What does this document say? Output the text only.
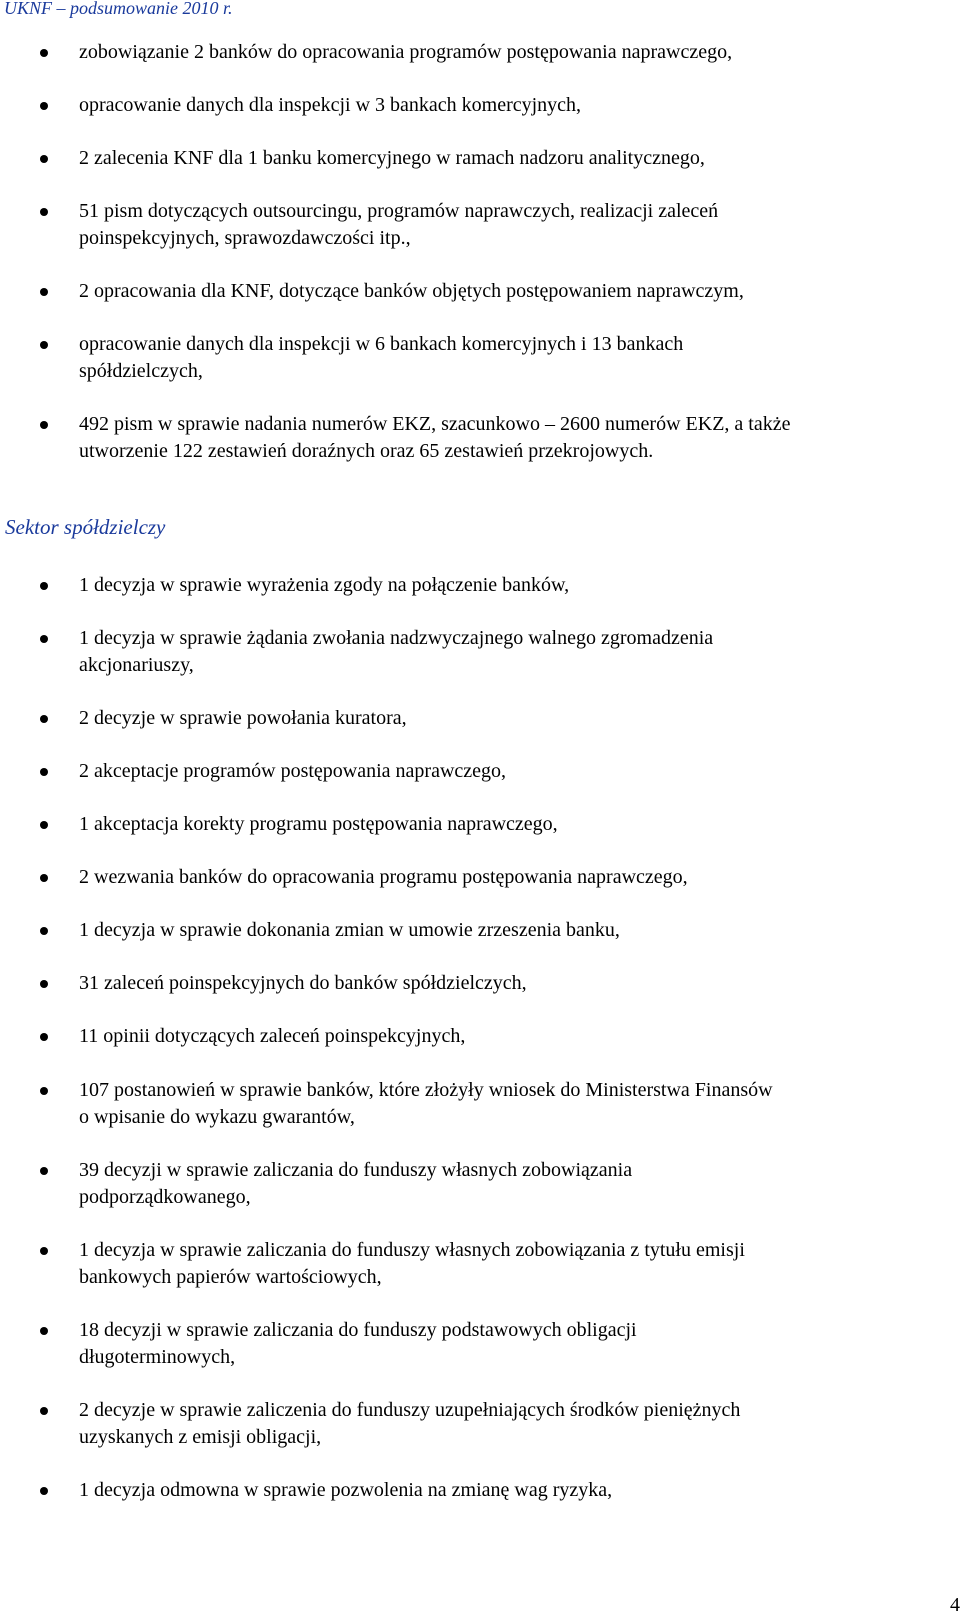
UKNF – podsumowanie 2010 r.
zobowiązanie 2 banków do opracowania programów postępowania naprawczego,
opracowanie danych dla inspekcji w 3 bankach komercyjnych,
2 zalecenia KNF dla 1 banku komercyjnego w ramach nadzoru analitycznego,
51 pism dotyczących outsourcingu, programów naprawczych, realizacji zaleceń
poinspekcyjnych, sprawozdawczości itp.,
2 opracowania dla KNF, dotyczące banków objętych postępowaniem naprawczym,
opracowanie danych dla inspekcji w 6 bankach komercyjnych i 13 bankach
spółdzielczych,
492 pism w sprawie nadania numerów EKZ, szacunkowo – 2600 numerów EKZ, a także
utworzenie 122 zestawień doraźnych oraz 65 zestawień przekrojowych.
Sektor spółdzielczy
1 decyzja w sprawie wyrażenia zgody na połączenie banków,
1 decyzja w sprawie żądania zwołania nadzwyczajnego walnego zgromadzenia
akcjonariuszy,
2 decyzje w sprawie powołania kuratora,
2 akceptacje programów postępowania naprawczego,
1 akceptacja korekty programu postępowania naprawczego,
2 wezwania banków do opracowania programu postępowania naprawczego,
1 decyzja w sprawie dokonania zmian w umowie zrzeszenia banku,
31 zaleceń poinspekcyjnych do banków spółdzielczych,
11 opinii dotyczących zaleceń poinspekcyjnych,
107 postanowień w sprawie banków, które złożyły wniosek do Ministerstwa Finansów
o wpisanie do wykazu gwarantów,
39 decyzji w sprawie zaliczania do funduszy własnych zobowiązania
podporządkowanego,
1 decyzja w sprawie zaliczania do funduszy własnych zobowiązania z tytułu emisji
bankowych papierów wartościowych,
18 decyzji w sprawie zaliczania do funduszy podstawowych obligacji
długoterminowych,
2 decyzje w sprawie zaliczenia do funduszy uzupełniających środków pieniężnych
uzyskanych z emisji obligacji,
1 decyzja odmowna w sprawie pozwolenia na zmianę wag ryzyka,
4
